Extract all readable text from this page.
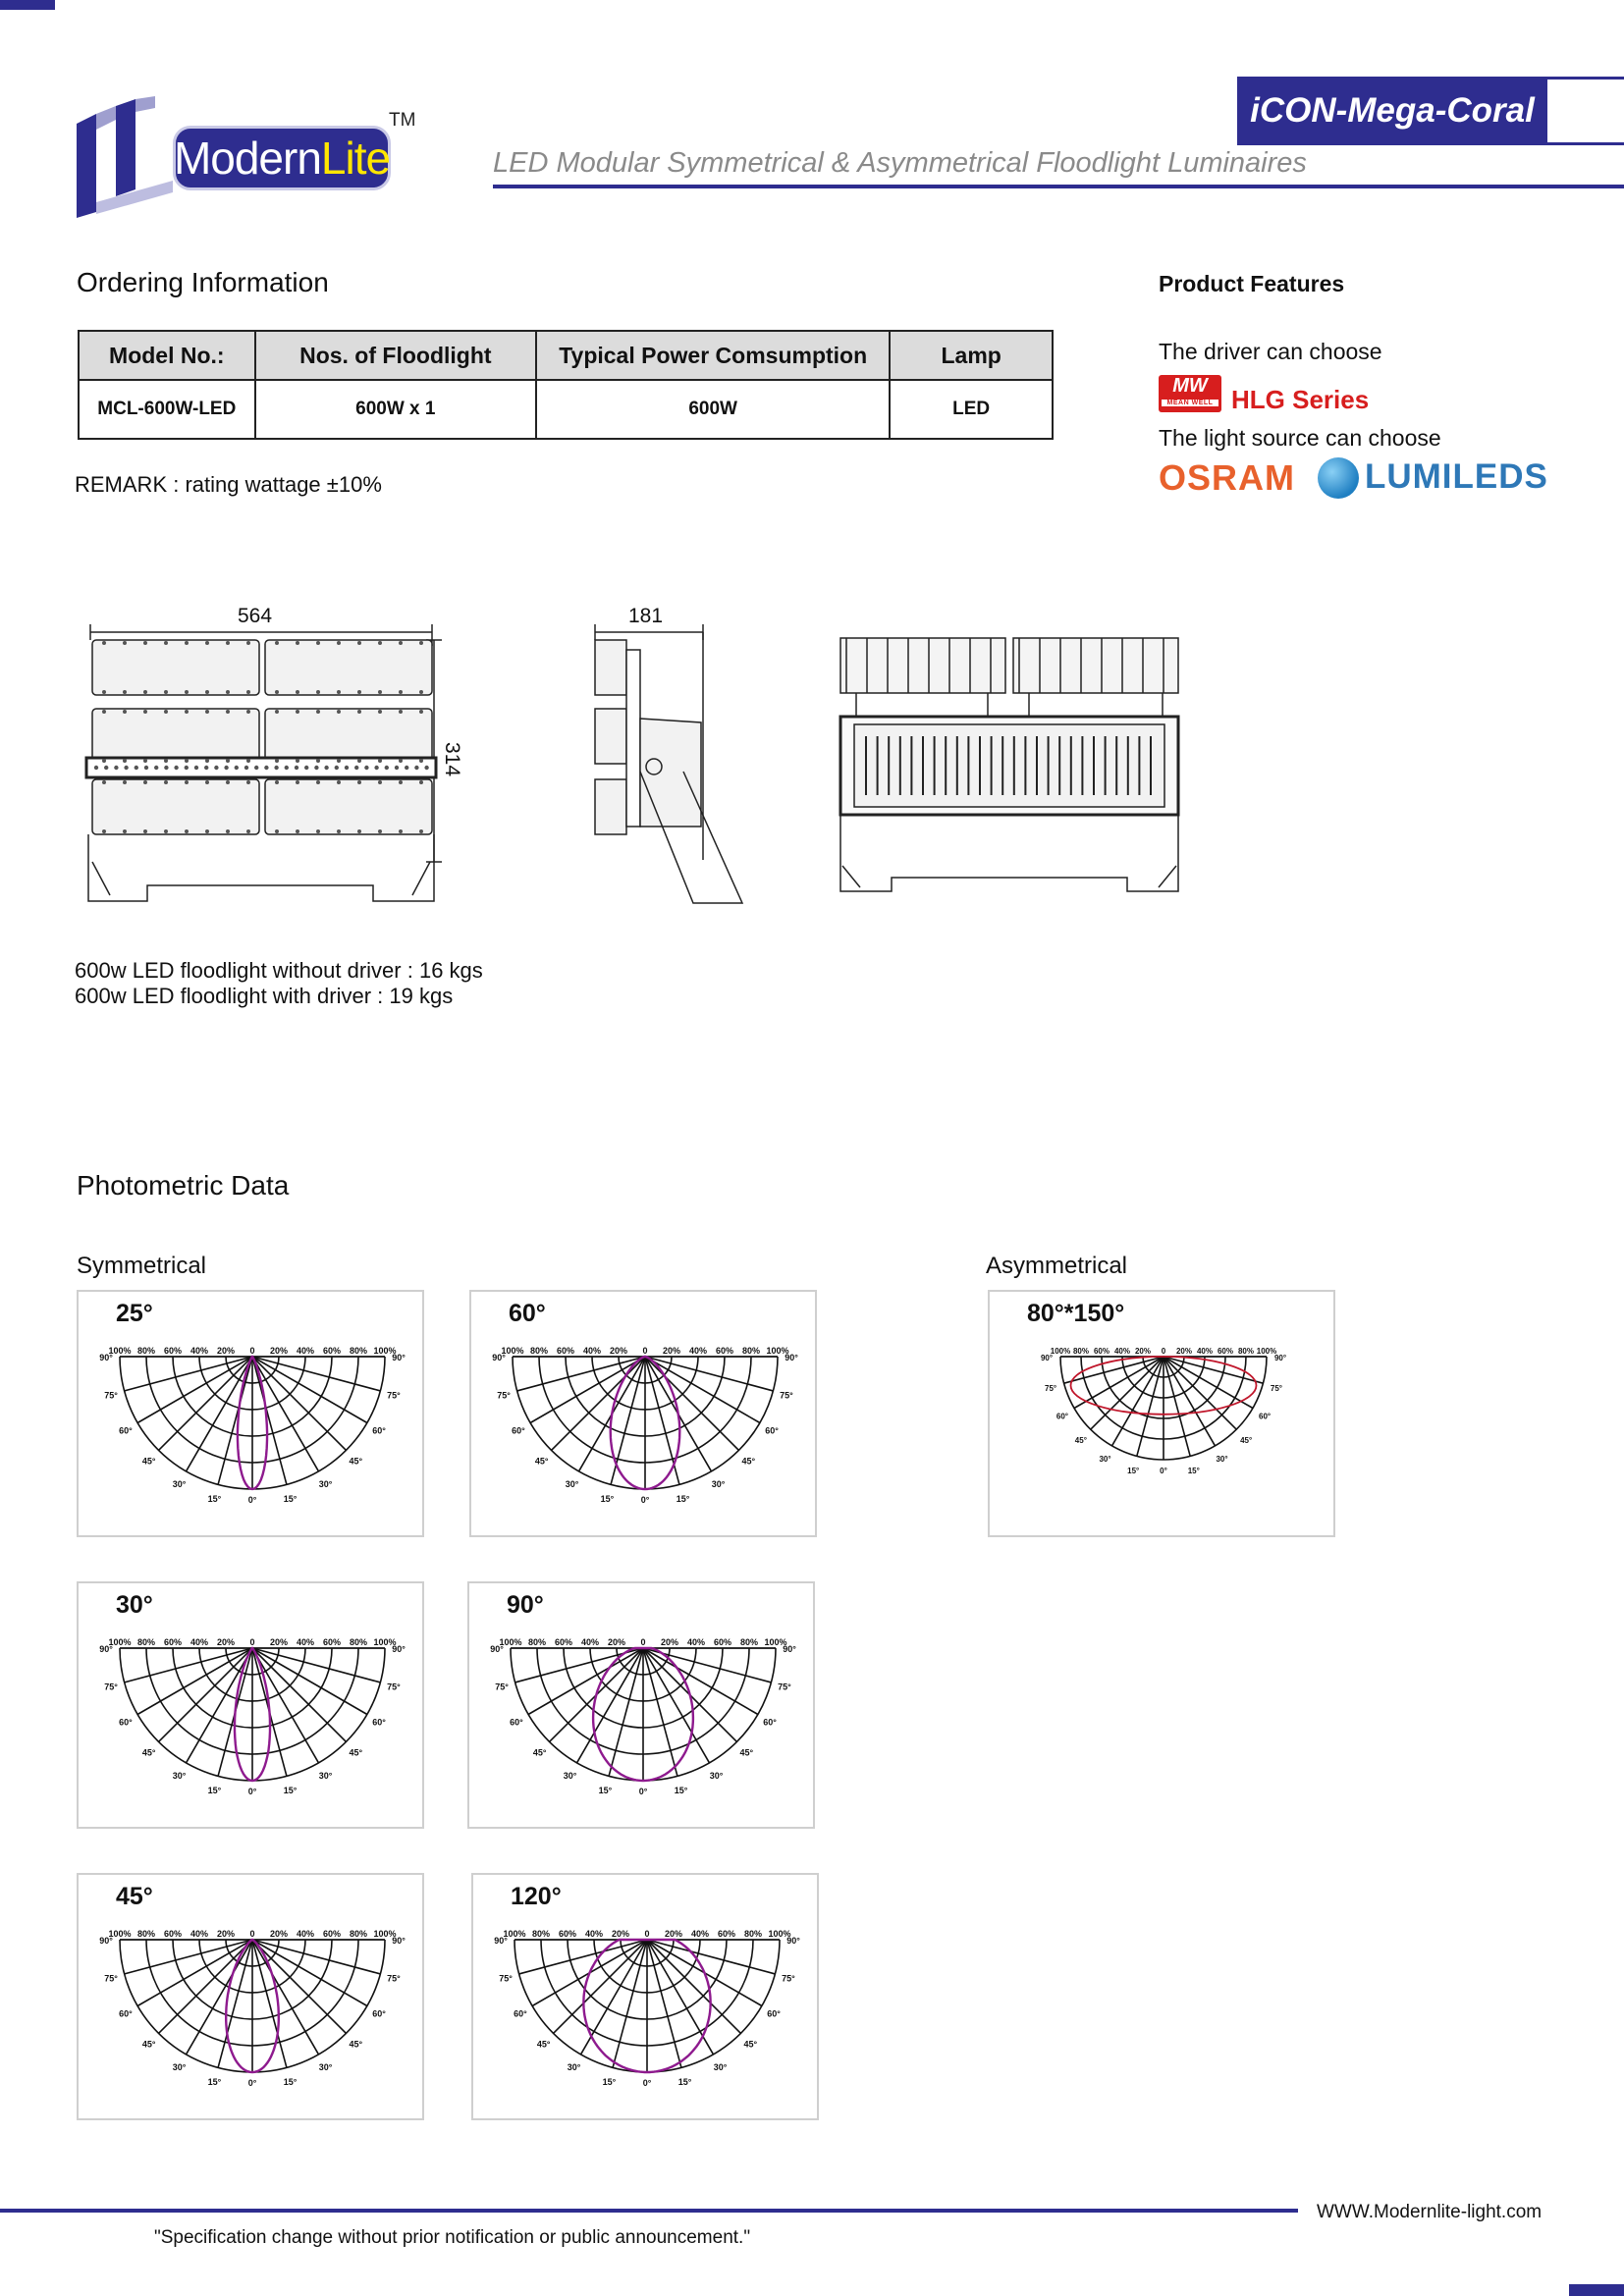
Modern Lite
TM	iCON-Mega-Coral
LED Modular Symmetrical & Asymmetrical Floodlight Luminaires
Ordering Information
Model No.:	Nos. of Floodlight	Typical Power Comsumption	Lamp
MCL-600W-LED	600W x 1	600W	LED
REMARK : rating wattage ±10%
Product Features
The driver can choose
MW
MEAN WELL HLG Series
The light source can choose
OSRAM LUMILEDS
564
314
181
600w LED floodlight without driver : 16 kgs
600w LED floodlight with driver : 19 kgs
Photometric Data
Symmetrical	Asymmetrical
100% 80% 60% 40% 20% 0 20% 40% 60% 80% 100%
90°	90°
75°	75°
60°	60°
45°	45°
30°	30°
15°	15°
0°
25°
100% 80% 60% 40% 20% 0 20% 40% 60% 80% 100%
90°	90°
75°	75°
60°	60°
45°	45°
30°	30°
15°	15°
0°
60°
100% 80% 60% 40% 20% 0 20% 40% 60% 80% 100%
90°	90°
75°	75°
60°	60°
45°	45°
30°	30°
15°	15°
0°
30°
100% 80% 60% 40% 20% 0 20% 40% 60% 80% 100%
90°	90°
75°	75°
60°	60°
45°	45°
30°	30°
15°	15°
0°
90°
100% 80% 60% 40% 20% 0 20% 40% 60% 80% 100%
90°	90°
75°	75°
60°	60°
45°	45°
30°	30°
15°	15°
0°
45°
100% 80% 60% 40% 20% 0 20% 40% 60% 80% 100%
90°	90°
75°	75°
60°	60°
45°	45°
30°	30°
15°	15°
0°
120°
100% 80% 60% 40% 20% 0 20% 40% 60% 80% 100%
90°	90°
75°	75°
60°	60°
45°	45°
30°	30°
15°	15°
0°
80°*150°
WWW.Modernlite-light.com
"Specification change without prior notification or public announcement."
